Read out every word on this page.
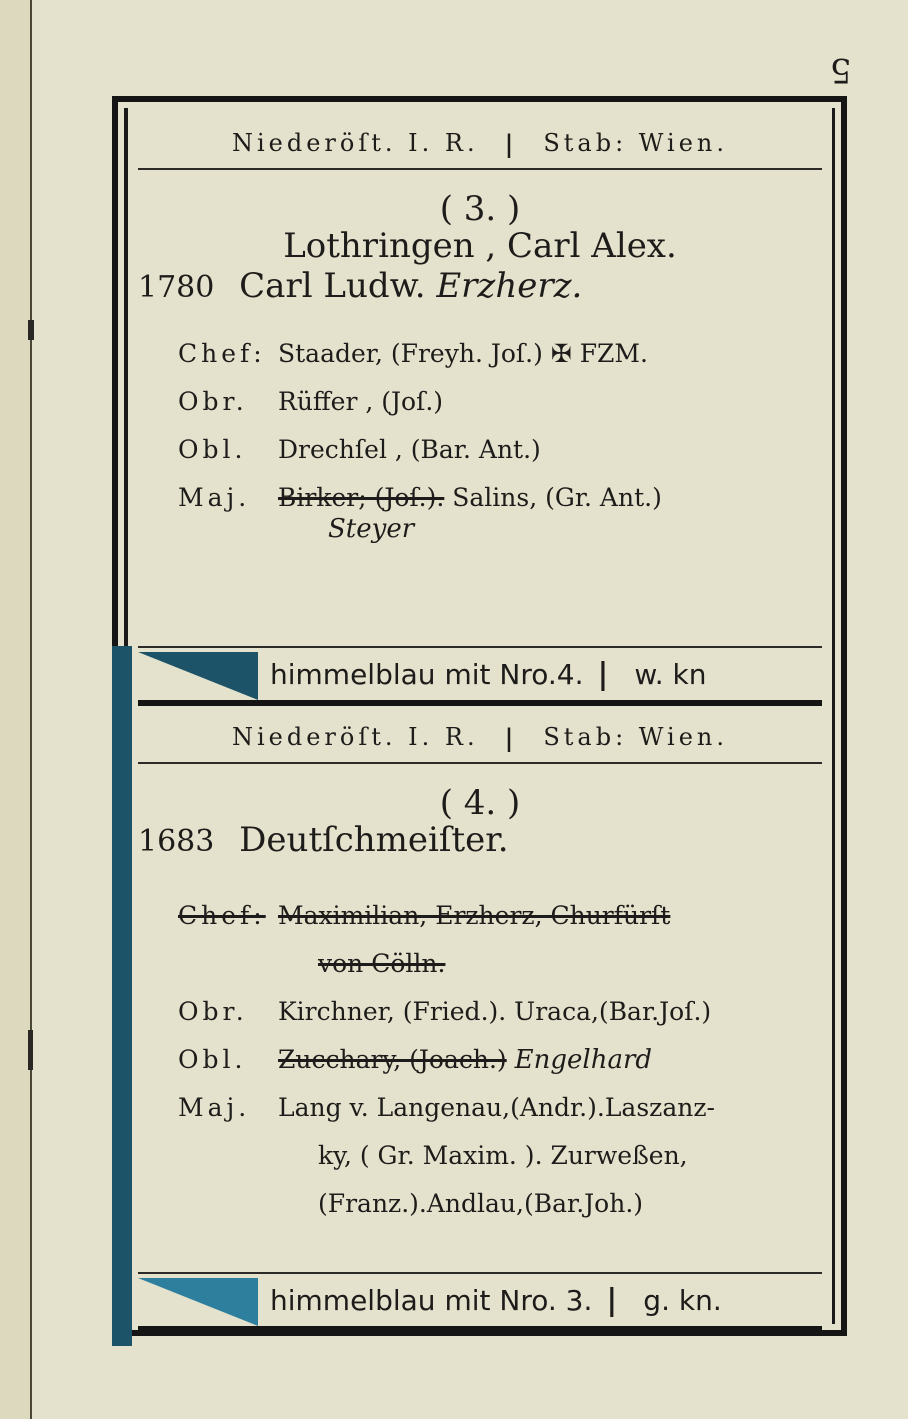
5
Niederöſt. I. R. | Stab: Wien.
( 3. )
Lothringen , Carl Alex.
1780 Carl Ludw. Erzherz.
Chef: Staader, (Freyh. Joſ.) ✠ FZM.
Obr.	Rüffer , (Joſ.)
Obl.	Drechſel , (Bar. Ant.)
Maj.	Birker; (Joſ.). Salins, (Gr. Ant.)
Steyer
himmelblau mit Nro.4. | w. kn
Niederöſt. I. R. | Stab: Wien.
( 4. )
1683 Deutſchmeiſter.
Chef: Maximilian, Erzherz, Churfürſt
von Cölln.
Obr.	Kirchner, (Fried.). Uraca,(Bar.Joſ.)
Obl.	Zucchary, (Joach.) Engelhard
Maj.	Lang v. Langenau,(Andr.).Laszanz-
ky, ( Gr. Maxim. ). Zurweßen,
(Franz.).Andlau,(Bar.Joh.)
himmelblau mit Nro. 3. | g. kn.
